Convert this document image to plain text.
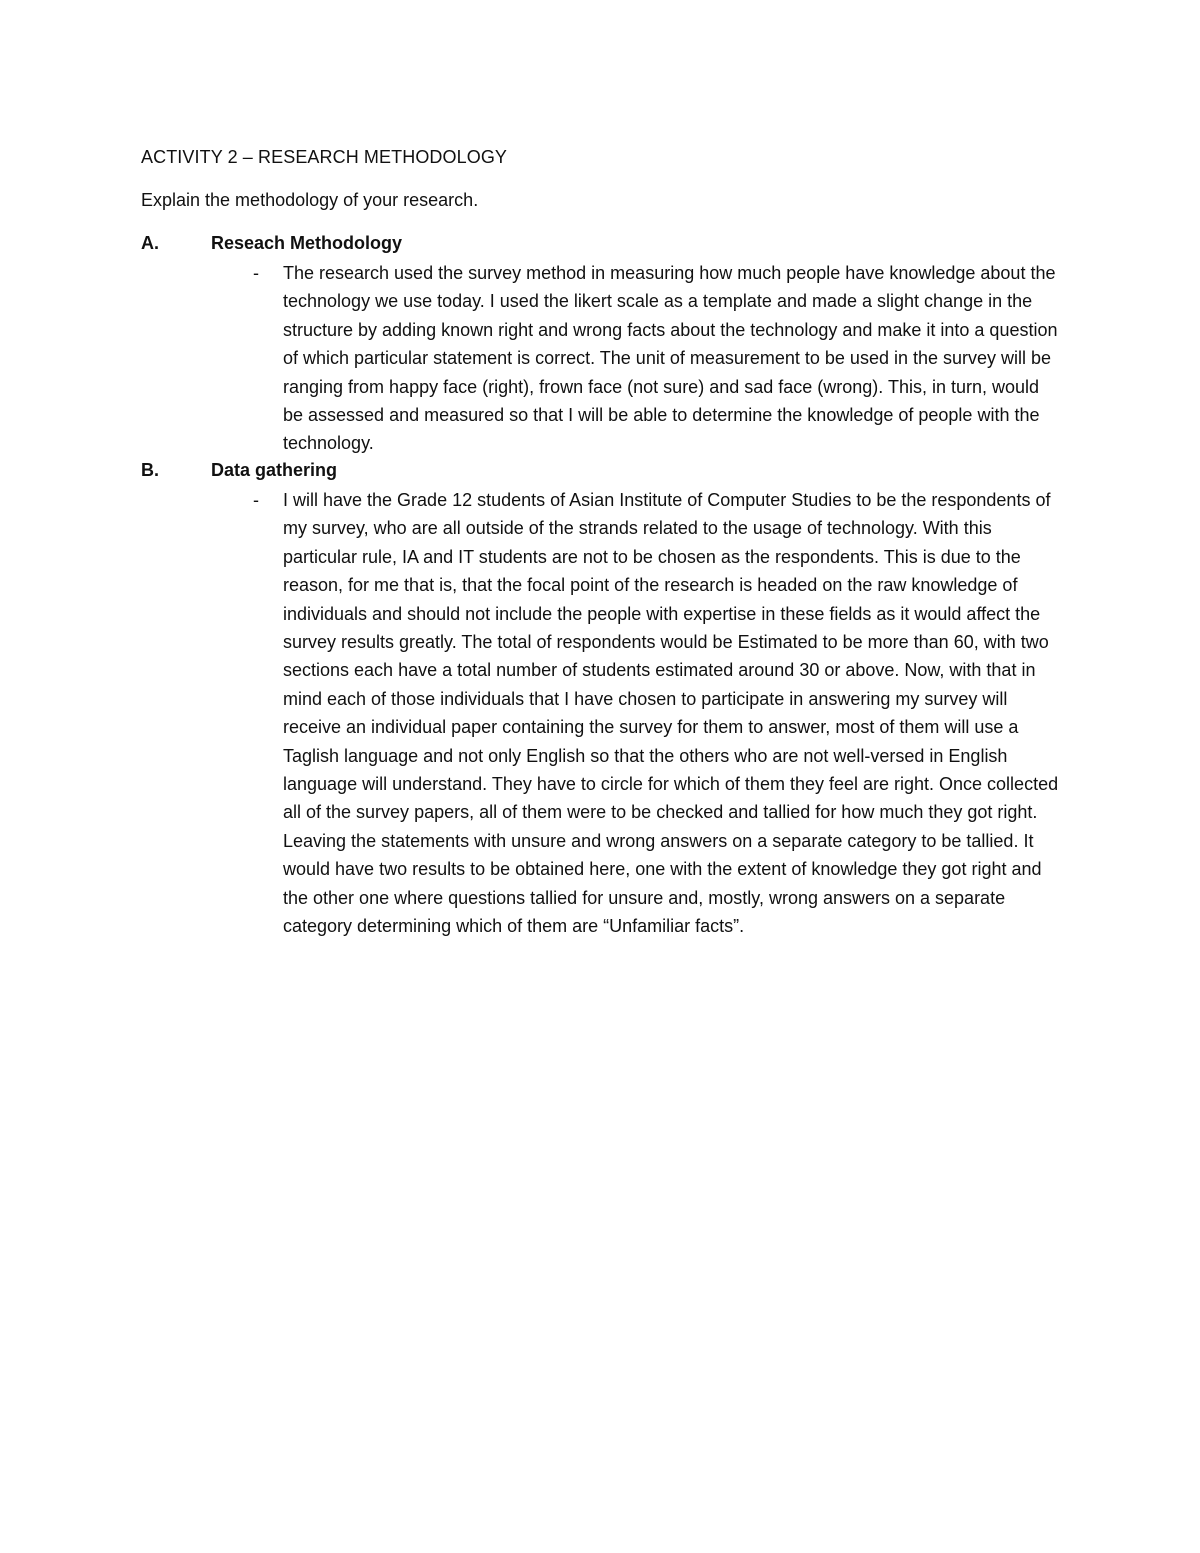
ACTIVITY 2 – RESEARCH METHODOLOGY
Explain the methodology of your research.
A.	Reseach Methodology
- The research used the survey method in measuring how much people have knowledge about the technology we use today. I used the likert scale as a template and made a slight change in the structure by adding known right and wrong facts about the technology and make it into a question of which particular statement is correct. The unit of measurement to be used in the survey will be ranging from happy face (right), frown face (not sure) and sad face (wrong). This, in turn, would be assessed and measured so that I will be able to determine the knowledge of people with the technology.
B.	Data gathering
- I will have the Grade 12 students of Asian Institute of Computer Studies to be the respondents of my survey, who are all outside of the strands related to the usage of technology. With this particular rule, IA and IT students are not to be chosen as the respondents. This is due to the reason, for me that is, that the focal point of the research is headed on the raw knowledge of individuals and should not include the people with expertise in these fields as it would affect the survey results greatly. The total of respondents would be Estimated to be more than 60, with two sections each have a total number of students estimated around 30 or above. Now, with that in mind each of those individuals that I have chosen to participate in answering my survey will receive an individual paper containing the survey for them to answer, most of them will use a Taglish language and not only English so that the others who are not well-versed in English language will understand. They have to circle for which of them they feel are right. Once collected all of the survey papers, all of them were to be checked and tallied for how much they got right. Leaving the statements with unsure and wrong answers on a separate category to be tallied. It would have two results to be obtained here, one with the extent of knowledge they got right and the other one where questions tallied for unsure and, mostly, wrong answers on a separate category determining which of them are “Unfamiliar facts”.
